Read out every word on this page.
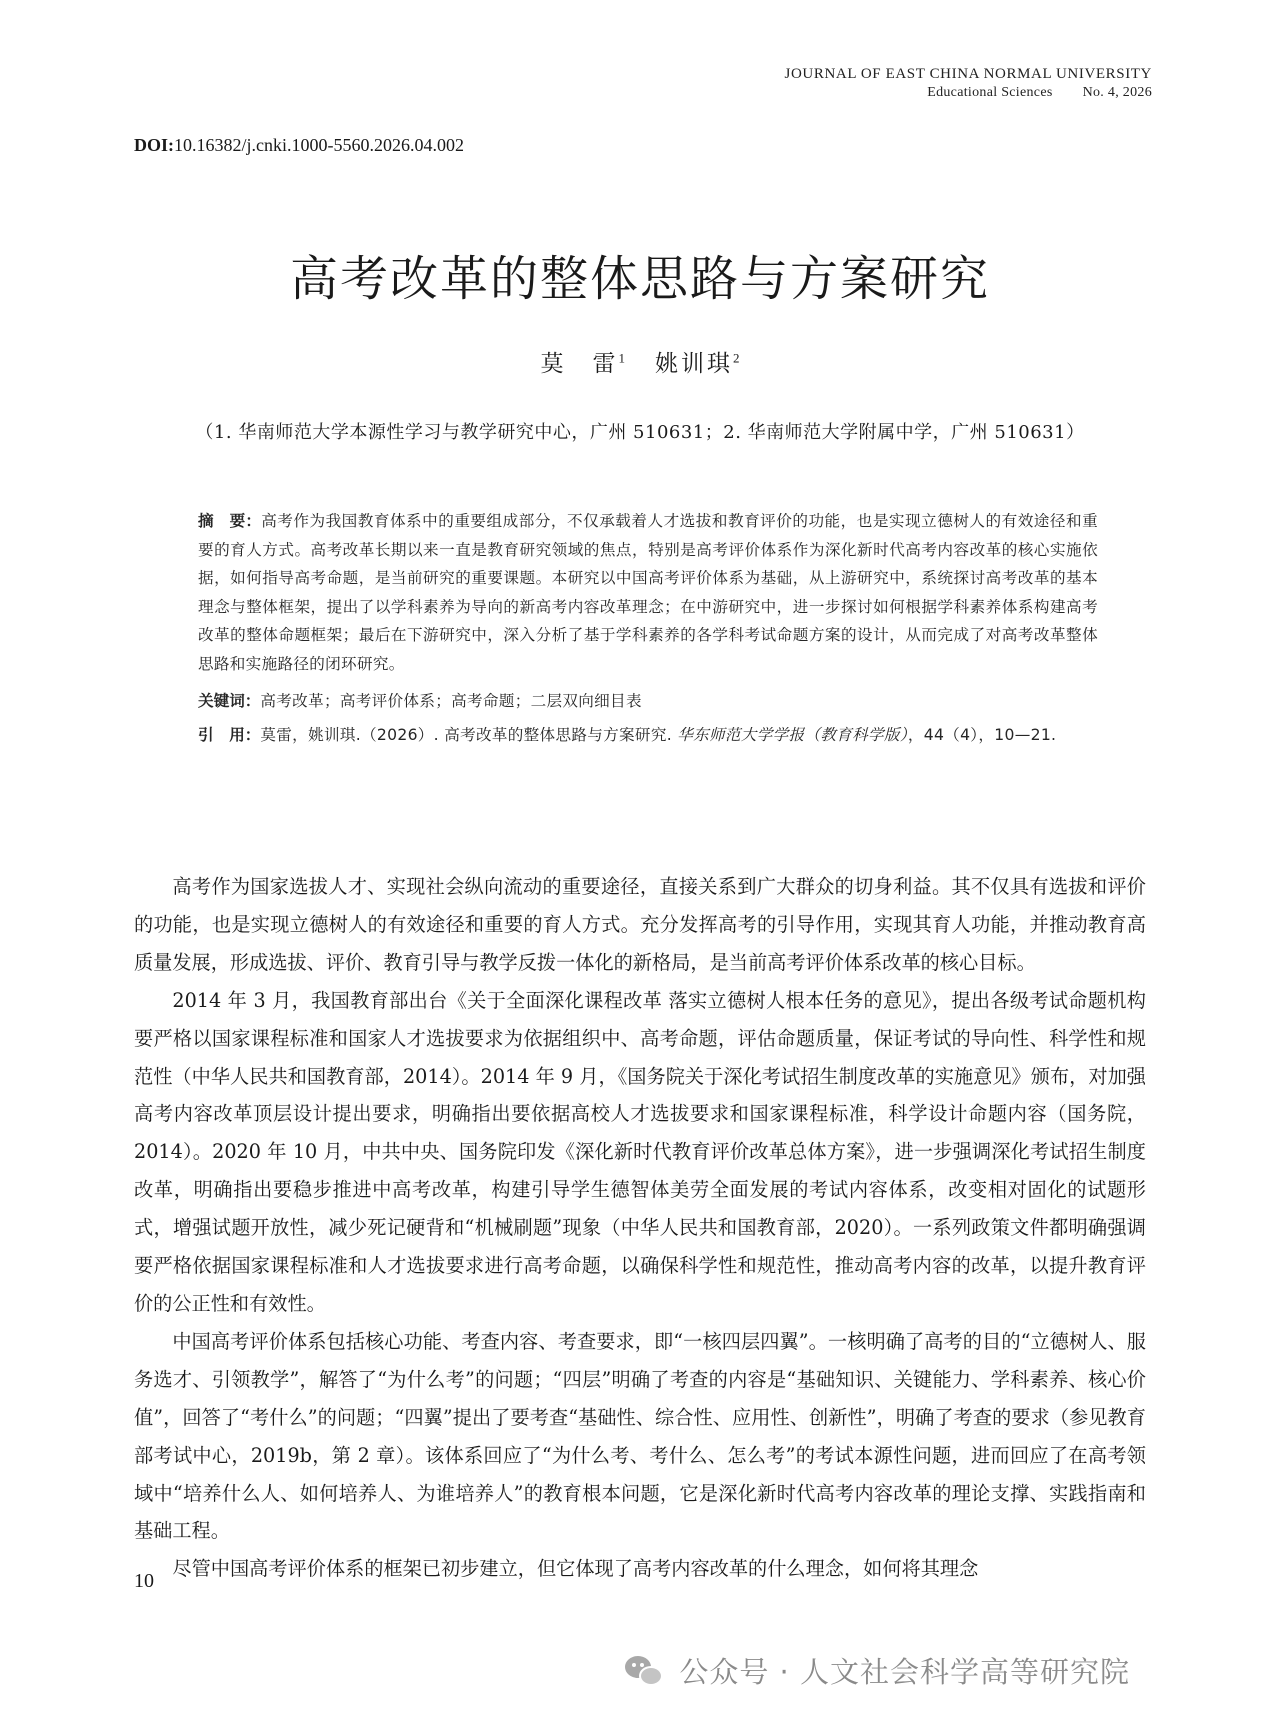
JOURNAL OF EAST CHINA NORMAL UNIVERSITY
Educational Sciences No. 4, 2026
DOI:10.16382/j.cnki.1000-5560.2026.04.002
高考改革的整体思路与方案研究
莫　雷$^1$ 姚训琪$^2$
（1. 华南师范大学本源性学习与教学研究中心，广州 510631；2. 华南师范大学附属中学，广州 510631）
摘　要：高考作为我国教育体系中的重要组成部分，不仅承载着人才选拔和教育评价的功能，也是实现立德树人的有效途径和重要的育人方式。高考改革长期以来一直是教育研究领域的焦点，特别是高考评价体系作为深化新时代高考内容改革的核心实施依据，如何指导高考命题，是当前研究的重要课题。本研究以中国高考评价体系为基础，从上游研究中，系统探讨高考改革的基本理念与整体框架，提出了以学科素养为导向的新高考内容改革理念；在中游研究中，进一步探讨如何根据学科素养体系构建高考改革的整体命题框架；最后在下游研究中，深入分析了基于学科素养的各学科考试命题方案的设计，从而完成了对高考改革整体思路和实施路径的闭环研究。
关键词：高考改革；高考评价体系；高考命题；二层双向细目表
引　用：莫雷，姚训琪.（2026）. 高考改革的整体思路与方案研究. 华东师范大学学报（教育科学版），44（4），10—21.

高考作为国家选拔人才、实现社会纵向流动的重要途径，直接关系到广大群众的切身利益。其不仅具有选拔和评价的功能，也是实现立德树人的有效途径和重要的育人方式。充分发挥高考的引导作用，实现其育人功能，并推动教育高质量发展，形成选拔、评价、教育引导与教学反拨一体化的新格局，是当前高考评价体系改革的核心目标。

2014 年 3 月，我国教育部出台《关于全面深化课程改革 落实立德树人根本任务的意见》，提出各级考试命题机构要严格以国家课程标准和国家人才选拔要求为依据组织中、高考命题，评估命题质量，保证考试的导向性、科学性和规范性（中华人民共和国教育部，2014）。2014 年 9 月，《国务院关于深化考试招生制度改革的实施意见》颁布，对加强高考内容改革顶层设计提出要求，明确指出要依据高校人才选拔要求和国家课程标准，科学设计命题内容（国务院，2014）。2020 年 10 月，中共中央、国务院印发《深化新时代教育评价改革总体方案》，进一步强调深化考试招生制度改革，明确指出要稳步推进中高考改革，构建引导学生德智体美劳全面发展的考试内容体系，改变相对固化的试题形式，增强试题开放性，减少死记硬背和“机械刷题”现象（中华人民共和国教育部，2020）。一系列政策文件都明确强调要严格依据国家课程标准和人才选拔要求进行高考命题，以确保科学性和规范性，推动高考内容的改革，以提升教育评价的公正性和有效性。

中国高考评价体系包括核心功能、考查内容、考查要求，即“一核四层四翼”。一核明确了高考的目的“立德树人、服务选才、引领教学”，解答了“为什么考”的问题；“四层”明确了考查的内容是“基础知识、关键能力、学科素养、核心价值”，回答了“考什么”的问题；“四翼”提出了要考查“基础性、综合性、应用性、创新性”，明确了考查的要求（参见教育部考试中心，2019b，第 2 章）。该体系回应了“为什么考、考什么、怎么考”的考试本源性问题，进而回应了在高考领域中“培养什么人、如何培养人、为谁培养人”的教育根本问题，它是深化新时代高考内容改革的理论支撑、实践指南和基础工程。

尽管中国高考评价体系的框架已初步建立，但它体现了高考内容改革的什么理念，如何将其理念

10
公众号 · 人文社会科学高等研究院
